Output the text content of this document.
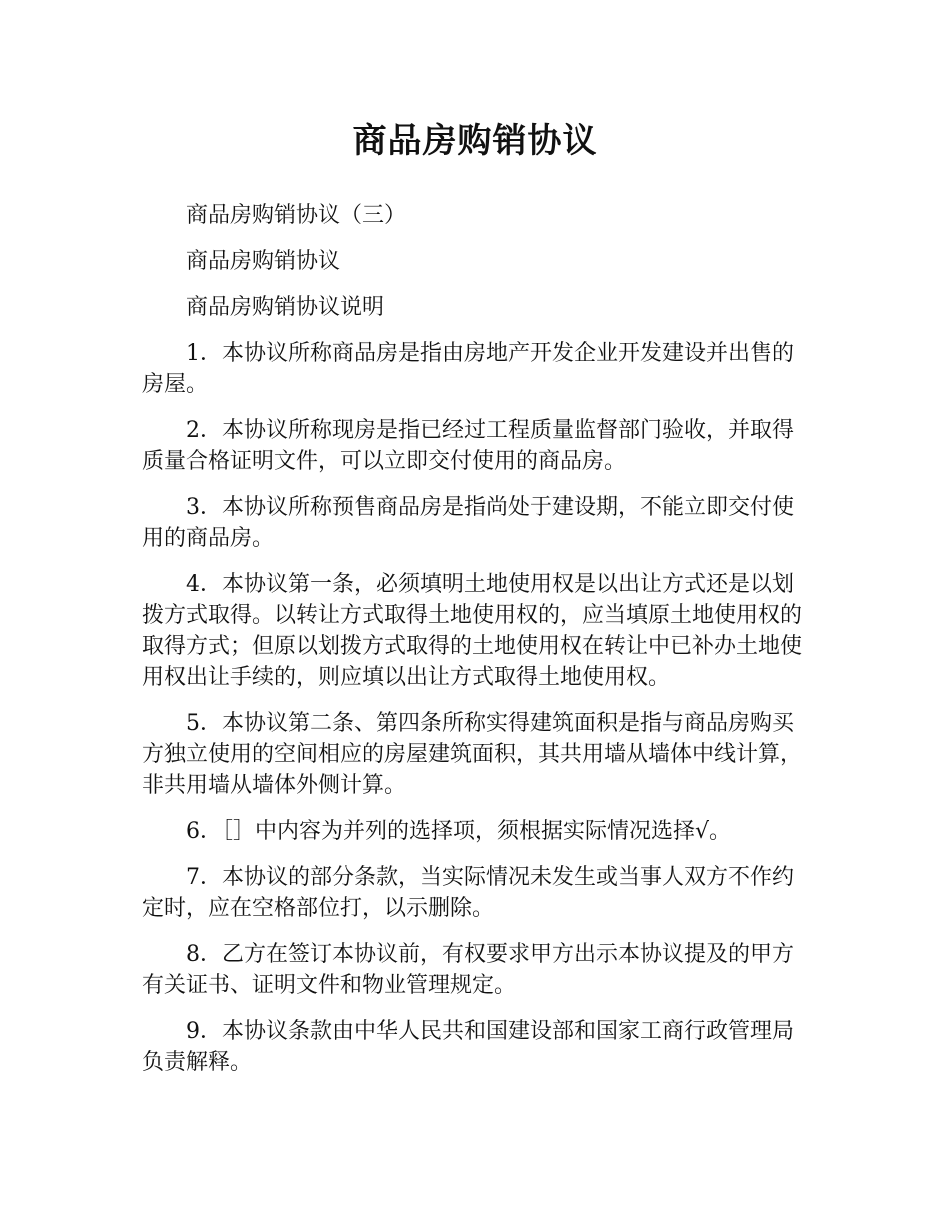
商品房购销协议

商品房购销协议（三）

商品房购销协议

商品房购销协议说明

1．本协议所称商品房是指由房地产开发企业开发建设并出售的房屋。

2．本协议所称现房是指已经过工程质量监督部门验收，并取得质量合格证明文件，可以立即交付使用的商品房。

3．本协议所称预售商品房是指尚处于建设期，不能立即交付使用的商品房。

4．本协议第一条，必须填明土地使用权是以出让方式还是以划拨方式取得。以转让方式取得土地使用权的，应当填原土地使用权的取得方式；但原以划拨方式取得的土地使用权在转让中已补办土地使用权出让手续的，则应填以出让方式取得土地使用权。

5．本协议第二条、第四条所称实得建筑面积是指与商品房购买方独立使用的空间相应的房屋建筑面积，其共用墙从墙体中线计算，非共用墙从墙体外侧计算。

6．［］中内容为并列的选择项，须根据实际情况选择√。

7．本协议的部分条款，当实际情况未发生或当事人双方不作约定时，应在空格部位打，以示删除。

8．乙方在签订本协议前，有权要求甲方出示本协议提及的甲方有关证书、证明文件和物业管理规定。

9．本协议条款由中华人民共和国建设部和国家工商行政管理局负责解释。
